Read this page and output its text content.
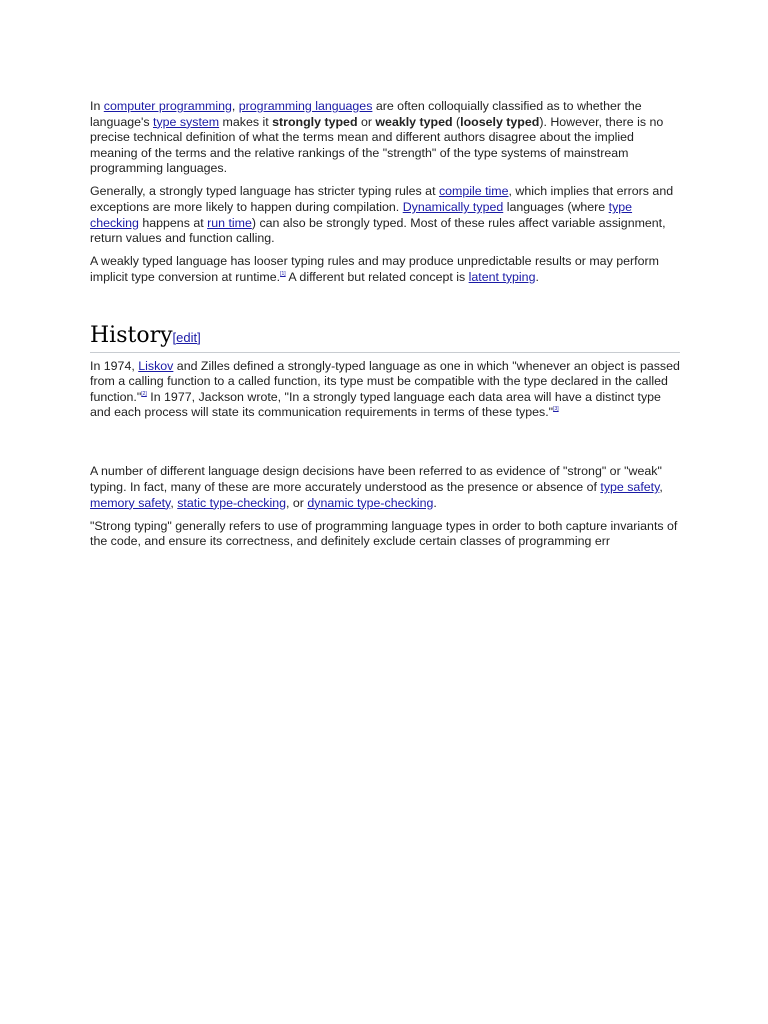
In computer programming, programming languages are often colloquially classified as to whether the language's type system makes it strongly typed or weakly typed (loosely typed). However, there is no precise technical definition of what the terms mean and different authors disagree about the implied meaning of the terms and the relative rankings of the "strength" of the type systems of mainstream programming languages.

Generally, a strongly typed language has stricter typing rules at compile time, which implies that errors and exceptions are more likely to happen during compilation. Dynamically typed languages (where type checking happens at run time) can also be strongly typed. Most of these rules affect variable assignment, return values and function calling.

A weakly typed language has looser typing rules and may produce unpredictable results or may perform implicit type conversion at runtime.[1] A different but related concept is latent typing.

History[edit]

In 1974, Liskov and Zilles defined a strongly-typed language as one in which "whenever an object is passed from a calling function to a called function, its type must be compatible with the type declared in the called function."[2] In 1977, Jackson wrote, "In a strongly typed language each data area will have a distinct type and each process will state its communication requirements in terms of these types."[3]

A number of different language design decisions have been referred to as evidence of "strong" or "weak" typing. In fact, many of these are more accurately understood as the presence or absence of type safety, memory safety, static type-checking, or dynamic type-checking.

"Strong typing" generally refers to use of programming language types in order to both capture invariants of the code, and ensure its correctness, and definitely exclude certain classes of programming err
